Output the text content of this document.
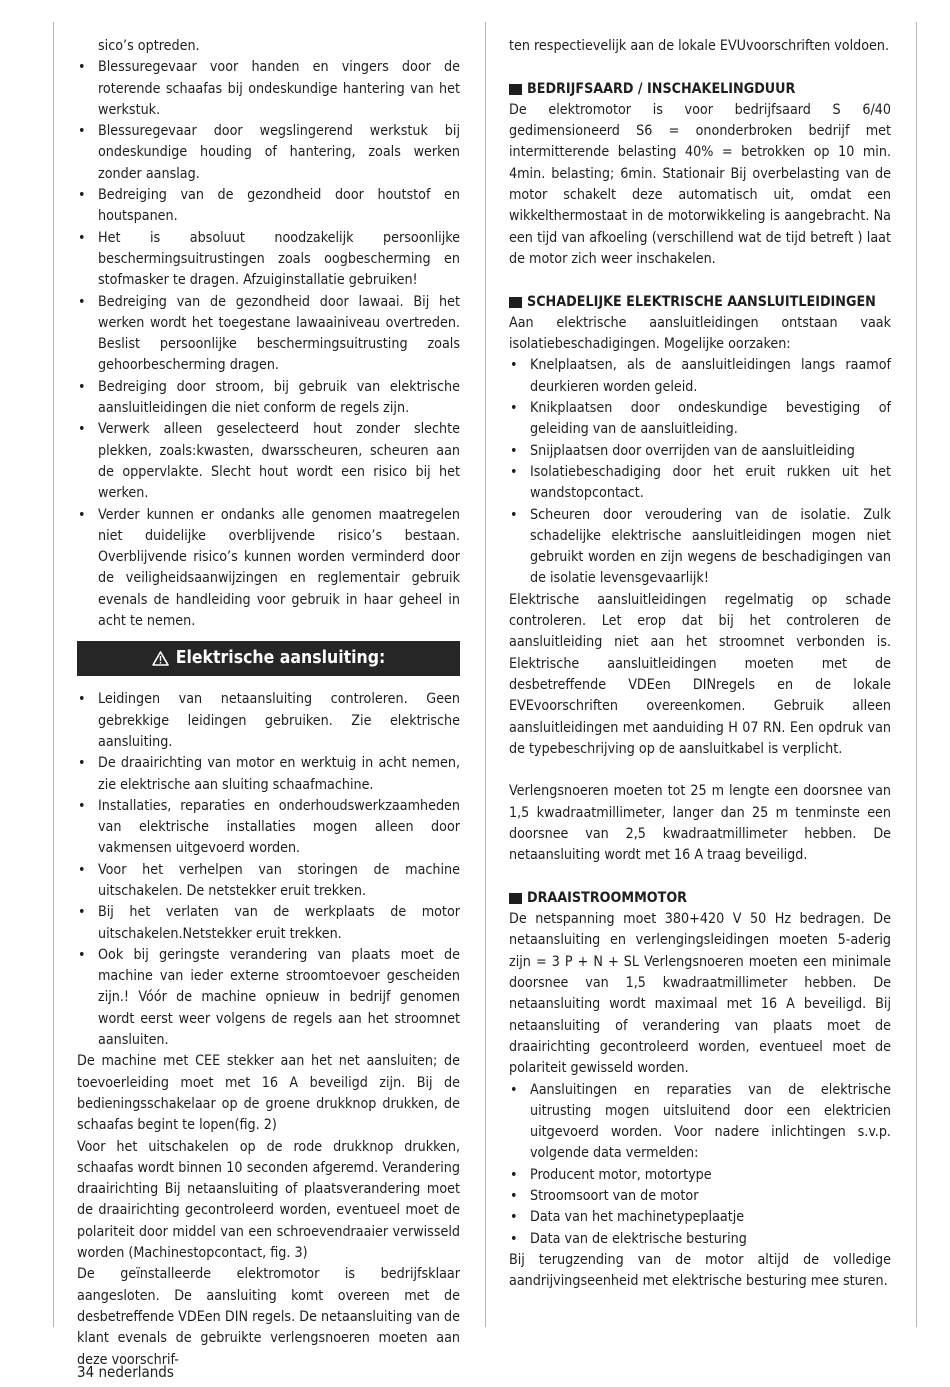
sico’s optreden.

• Blessuregevaar voor handen en vingers door de roterende schaafas bij ondeskundige hantering van het werkstuk.
• Blessuregevaar door wegslingerend werkstuk bij ondeskundige houding of hantering, zoals werken zonder aanslag.
• Bedreiging van de gezondheid door houtstof en houtspanen.
• Het is absoluut noodzakelijk persoonlijke beschermingsuitrustingen zoals oogbescherming en stofmasker te dragen. Afzuiginstallatie gebruiken!
• Bedreiging van de gezondheid door lawaai. Bij het werken wordt het toegestane lawaainiveau overtreden. Beslist persoonlijke beschermingsuitrusting zoals gehoorbescherming dragen.
• Bedreiging door stroom, bij gebruik van elektrische aansluitleidingen die niet conform de regels zijn.
• Verwerk alleen geselecteerd hout zonder slechte plekken, zoals:kwasten, dwarsscheuren, scheuren aan de oppervlakte. Slecht hout wordt een risico bij het werken.
• Verder kunnen er ondanks alle genomen maatregelen niet duidelijke overblijvende risico’s bestaan. Overblijvende risico’s kunnen worden verminderd door de veiligheidsaanwijzingen en reglementair gebruik evenals de handleiding voor gebruik in haar geheel in acht te nemen.
Elektrische aansluiting:
• Leidingen van netaansluiting controleren. Geen gebrekkige leidingen gebruiken. Zie elektrische aansluiting.
• De draairichting van motor en werktuig in acht nemen, zie elektrische aan sluiting schaafmachine.
• Installaties, reparaties en onderhoudswerkzaamheden van elektrische installaties mogen alleen door vakmensen uitgevoerd worden.
• Voor het verhelpen van storingen de machine uitschakelen. De netstekker eruit trekken.
• Bij het verlaten van de werkplaats de motor uitschakelen.Netstekker eruit trekken.
• Ook bij geringste verandering van plaats moet de machine van ieder externe stroomtoevoer gescheiden zijn.! Vóór de machine opnieuw in bedrijf genomen wordt eerst weer volgens de regels aan het stroomnet aansluiten.

De machine met CEE stekker aan het net aansluiten; de toevoerleiding moet met 16 A beveiligd zijn. Bij de bedieningsschakelaar op de groene drukknop drukken, de schaafas begint te lopen(fig. 2)

Voor het uitschakelen op de rode drukknop drukken, schaafas wordt binnen 10 seconden afgeremd. Verandering draairichting Bij netaansluiting of plaatsverandering moet de draairichting gecontroleerd worden, eventueel moet de polariteit door middel van een schroevendraaier verwisseld worden (Machinestopcontact, fig. 3)

De geïnstalleerde elektromotor is bedrijfsklaar aangesloten. De aansluiting komt overeen met de desbetreffende VDEen DIN regels. De netaansluiting van de klant evenals de gebruikte verlengsnoeren moeten aan deze voorschrif-

ten respectievelijk aan de lokale EVUvoorschriften voldoen.

BEDRIJFSAARD / INSCHAKELINGDUUR

De elektromotor is voor bedrijfsaard S 6/40 gedimensioneerd S6 = ononderbroken bedrijf met intermitterende belasting 40% = betrokken op 10 min. 4min. belasting; 6min. Stationair Bij overbelasting van de motor schakelt deze automatisch uit, omdat een wikkelthermostaat in de motorwikkeling is aangebracht. Na een tijd van afkoeling (verschillend wat de tijd betreft ) laat de motor zich weer inschakelen.

SCHADELIJKE ELEKTRISCHE AANSLUITLEIDINGEN

Aan elektrische aansluitleidingen ontstaan vaak isolatiebeschadigingen. Mogelijke oorzaken:

• Knelplaatsen, als de aansluitleidingen langs raamof deurkieren worden geleid.
• Knikplaatsen door ondeskundige bevestiging of geleiding van de aansluitleiding.
• Snijplaatsen door overrijden van de aansluitleiding
• Isolatiebeschadiging door het eruit rukken uit het wandstopcontact.
• Scheuren door veroudering van de isolatie. Zulk schadelijke elektrische aansluitleidingen mogen niet gebruikt worden en zijn wegens de beschadigingen van de isolatie levensgevaarlijk!

Elektrische aansluitleidingen regelmatig op schade controleren. Let erop dat bij het controleren de aansluitleiding niet aan het stroomnet verbonden is. Elektrische aansluitleidingen moeten met de desbetreffende VDEen DINregels en de lokale EVEvoorschriften overeenkomen. Gebruik alleen aansluitleidingen met aanduiding H 07 RN. Een opdruk van de typebeschrijving op de aansluitkabel is verplicht.

Verlengsnoeren moeten tot 25 m lengte een doorsnee van 1,5 kwadraatmillimeter, langer dan 25 m tenminste een doorsnee van 2,5 kwadraatmillimeter hebben. De netaansluiting wordt met 16 A traag beveiligd.

DRAAISTROOMMOTOR

De netspanning moet 380+420 V 50 Hz bedragen. De netaansluiting en verlengingsleidingen moeten 5-aderig zijn = 3 P + N + SL Verlengsnoeren moeten een minimale doorsnee van 1,5 kwadraatmillimeter hebben. De netaansluiting wordt maximaal met 16 A beveiligd. Bij netaansluiting of verandering van plaats moet de draairichting gecontroleerd worden, eventueel moet de polariteit gewisseld worden.

• Aansluitingen en reparaties van de elektrische uitrusting mogen uitsluitend door een elektricien uitgevoerd worden. Voor nadere inlichtingen s.v.p. volgende data vermelden:
• Producent motor, motortype
• Stroomsoort van de motor
• Data van het machinetypeplaatje
• Data van de elektrische besturing

Bij terugzending van de motor altijd de volledige aandrijvingseenheid met elektrische besturing mee sturen.

34 nederlands
